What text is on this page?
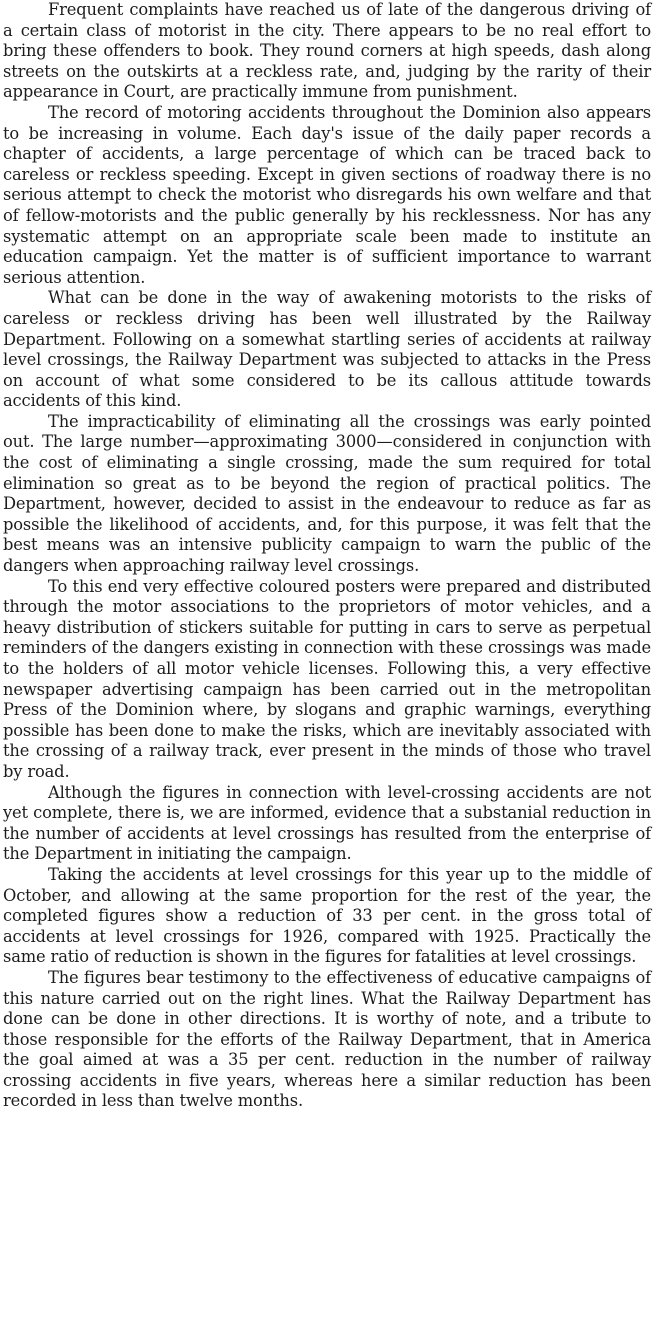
Frequent complaints have reached us of late of the dangerous driving of a certain class of motorist in the city. There appears to be no real effort to bring these offenders to book. They round corners at high speeds, dash along streets on the outskirts at a reckless rate, and, judging by the rarity of their appearance in Court, are practically immune from punishment.

The record of motoring accidents throughout the Dominion also appears to be increasing in volume. Each day's issue of the daily paper records a chapter of accidents, a large percentage of which can be traced back to careless or reckless speeding. Except in given sections of roadway there is no serious attempt to check the motorist who disregards his own welfare and that of fellow-motorists and the public generally by his recklessness. Nor has any systematic attempt on an appropriate scale been made to institute an education campaign. Yet the matter is of sufficient importance to warrant serious attention.

What can be done in the way of awakening motorists to the risks of careless or reckless driving has been well illustrated by the Railway Department. Following on a somewhat startling series of accidents at railway level crossings, the Railway Department was subjected to attacks in the Press on account of what some considered to be its callous attitude towards accidents of this kind.

The impracticability of eliminating all the crossings was early pointed out. The large number—approximating 3000—considered in conjunction with the cost of eliminating a single crossing, made the sum required for total elimination so great as to be beyond the region of practical politics. The Department, however, decided to assist in the endeavour to reduce as far as possible the likelihood of accidents, and, for this purpose, it was felt that the best means was an intensive publicity campaign to warn the public of the dangers when approaching railway level crossings.

To this end very effective coloured posters were prepared and distributed through the motor associations to the proprietors of motor vehicles, and a heavy distribution of stickers suitable for putting in cars to serve as perpetual reminders of the dangers existing in connection with these crossings was made to the holders of all motor vehicle licenses. Following this, a very effective newspaper advertising campaign has been carried out in the metropolitan Press of the Dominion where, by slogans and graphic warnings, everything possible has been done to make the risks, which are inevitably associated with the crossing of a railway track, ever present in the minds of those who travel by road.

Although the figures in connection with level-crossing accidents are not yet complete, there is, we are informed, evidence that a substanial reduction in the number of accidents at level crossings has resulted from the enterprise of the Department in initiating the campaign.

Taking the accidents at level crossings for this year up to the middle of October, and allowing at the same proportion for the rest of the year, the completed figures show a reduction of 33 per cent. in the gross total of accidents at level crossings for 1926, compared with 1925. Practically the same ratio of reduction is shown in the figures for fatalities at level crossings.

The figures bear testimony to the effectiveness of educative campaigns of this nature carried out on the right lines. What the Railway Department has done can be done in other directions. It is worthy of note, and a tribute to those responsible for the efforts of the Railway Department, that in America the goal aimed at was a 35 per cent. reduction in the number of railway crossing accidents in five years, whereas here a similar reduction has been recorded in less than twelve months.
